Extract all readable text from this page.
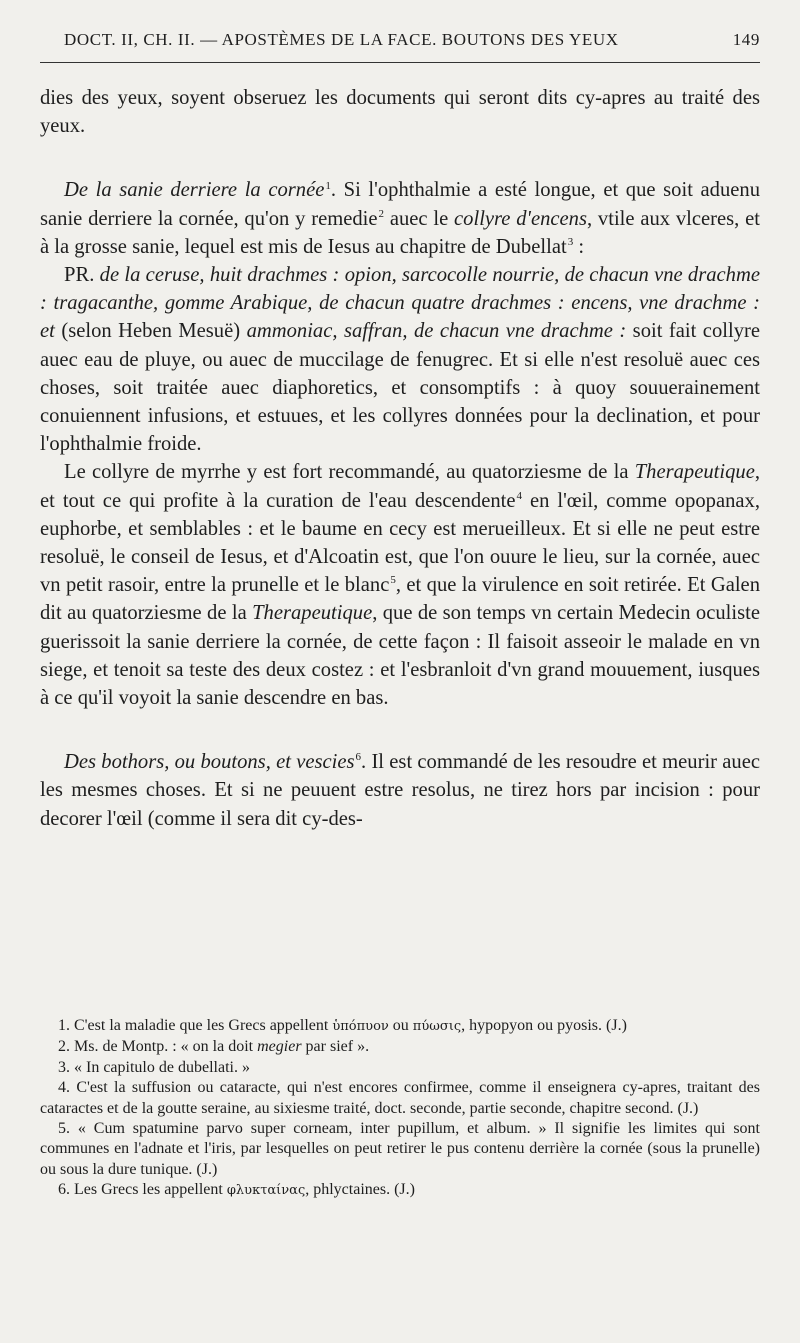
DOCT. II, CH. II. — APOSTÈMES DE LA FACE. BOUTONS DES YEUX	149

dies des yeux, soyent obseruez les documents qui seront dits cy-apres au traité des yeux.

De la sanie derriere la cornée$^1$. Si l'ophthalmie a esté longue, et que soit aduenu sanie derriere la cornée, qu'on y remedie$^2$ auec le collyre d'encens, vtile aux vlceres, et à la grosse sanie, lequel est mis de Iesus au chapitre de Dubellat$^3$ :

PR. de la ceruse, huit drachmes : opion, sarcocolle nourrie, de chacun vne drachme : tragacanthe, gomme Arabique, de chacun quatre drachmes : encens, vne drachme : et (selon Heben Mesuë) ammoniac, saffran, de chacun vne drachme : soit fait collyre auec eau de pluye, ou auec de muccilage de fenugrec. Et si elle n'est resoluë auec ces choses, soit traitée auec diaphoretics, et consomptifs : à quoy souuerainement conuiennent infusions, et estuues, et les collyres données pour la declination, et pour l'ophthalmie froide.

Le collyre de myrrhe y est fort recommandé, au quatorziesme de la Therapeutique, et tout ce qui profite à la curation de l'eau descendente$^4$ en l'œil, comme opopanax, euphorbe, et semblables : et le baume en cecy est merueilleux. Et si elle ne peut estre resoluë, le conseil de Iesus, et d'Alcoatin est, que l'on ouure le lieu, sur la cornée, auec vn petit rasoir, entre la prunelle et le blanc$^5$, et que la virulence en soit retirée. Et Galen dit au quatorziesme de la Therapeutique, que de son temps vn certain Medecin oculiste guerissoit la sanie derriere la cornée, de cette façon : Il faisoit asseoir le malade en vn siege, et tenoit sa teste des deux costez : et l'esbranloit d'vn grand mouuement, iusques à ce qu'il voyoit la sanie descendre en bas.

Des bothors, ou boutons, et vescies$^6$. Il est commandé de les resoudre et meurir auec les mesmes choses. Et si ne peuuent estre resolus, ne tirez hors par incision : pour decorer l'œil (comme il sera dit cy-des-

1. C'est la maladie que les Grecs appellent ὑπόπυον ou πύωσις, hypopyon ou pyosis. (J.)

2. Ms. de Montp. : « on la doit megier par sief ».

3. « In capitulo de dubellati. »

4. C'est la suffusion ou cataracte, qui n'est encores confirmee, comme il enseignera cy-apres, traitant des cataractes et de la goutte seraine, au sixiesme traité, doct. seconde, partie seconde, chapitre second. (J.)

5. « Cum spatumine parvo super corneam, inter pupillum, et album. » Il signifie les limites qui sont communes en l'adnate et l'iris, par lesquelles on peut retirer le pus contenu derrière la cornée (sous la prunelle) ou sous la dure tunique. (J.)

6. Les Grecs les appellent φλυκταίνας, phlyctaines. (J.)
